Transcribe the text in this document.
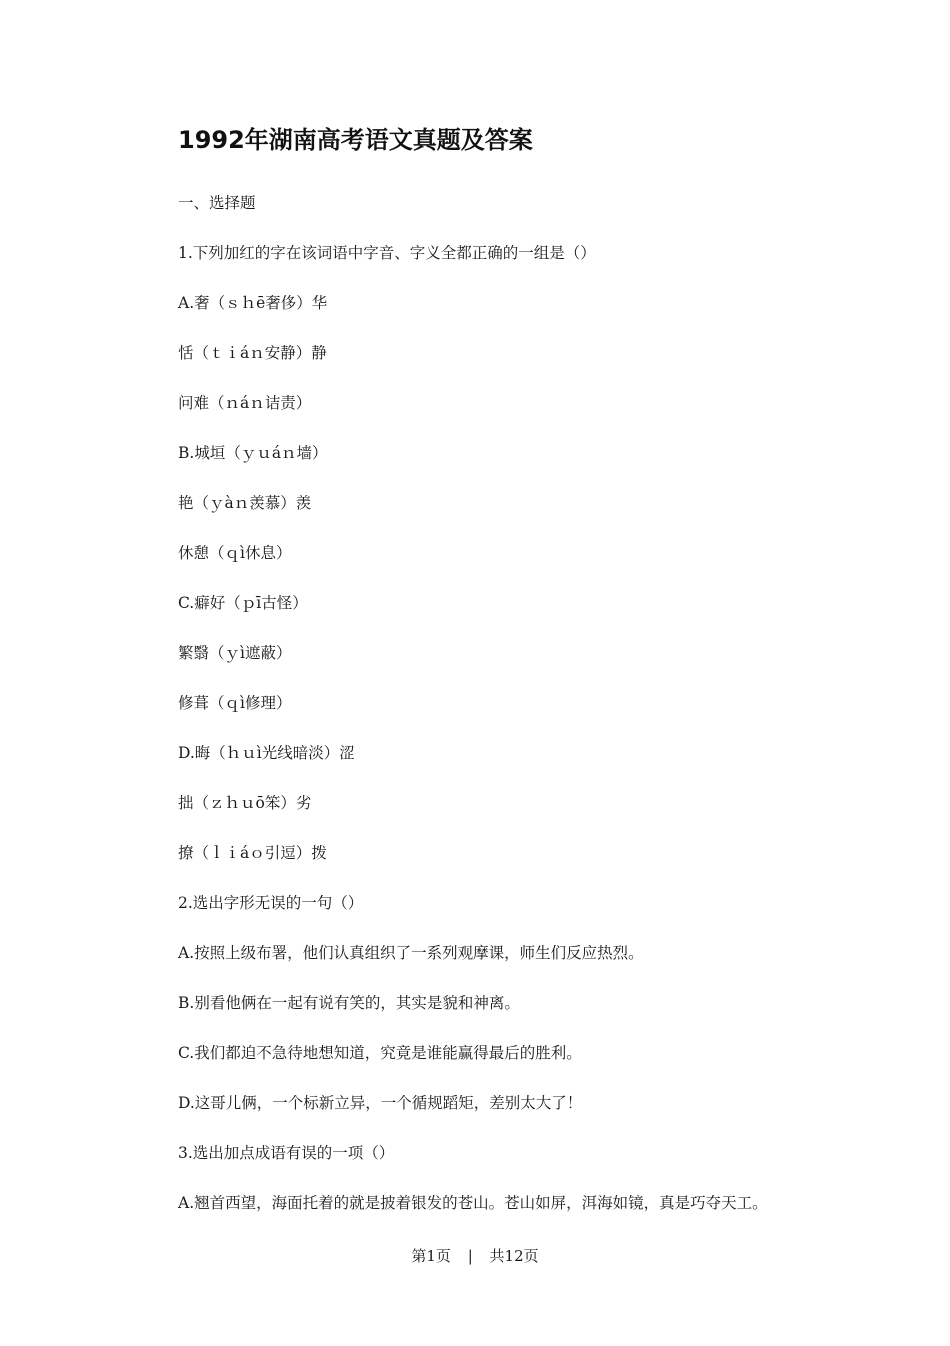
1992年湖南高考语文真题及答案
一、选择题
1.下列加红的字在该词语中字音、字义全都正确的一组是（）
A.奢（ｓｈē奢侈）华
恬（ｔｉáｎ安静）静
问难（ｎáｎ诘责）
B.城垣（ｙｕáｎ墙）
艳（ｙàｎ羡慕）羡
休憩（ｑì休息）
C.癖好（ｐī古怪）
繁翳（ｙì遮蔽）
修葺（ｑì修理）
D.晦（ｈｕì光线暗淡）涩
拙（ｚｈｕō笨）劣
撩（ｌｉáｏ引逗）拨
2.选出字形无误的一句（）
A.按照上级布署，他们认真组织了一系列观摩课，师生们反应热烈。
B.别看他俩在一起有说有笑的，其实是貌和神离。
C.我们都迫不急待地想知道，究竟是谁能赢得最后的胜利。
D.这哥儿俩，一个标新立异，一个循规蹈矩，差别太大了！
3.选出加点成语有误的一项（）
A.翘首西望，海面托着的就是披着银发的苍山。苍山如屏，洱海如镜，真是巧夺天工。
第1页 | 共12页
